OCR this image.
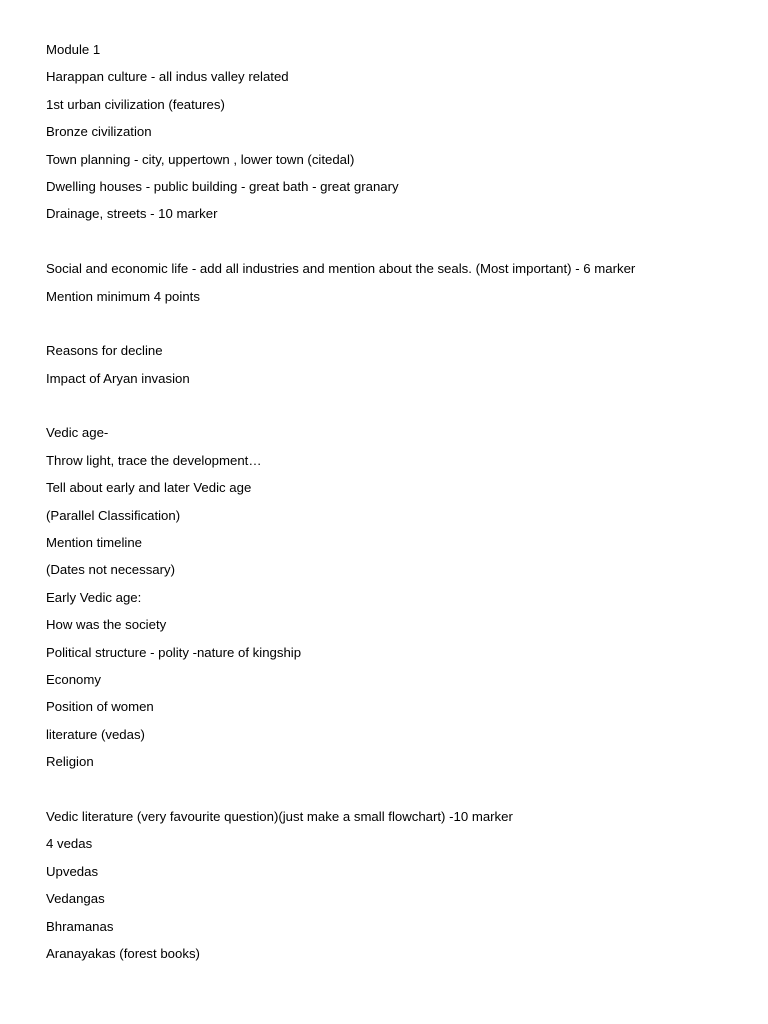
Module 1
Harappan culture - all indus valley related
1st urban civilization (features)
Bronze civilization
Town planning - city, uppertown , lower town (citedal)
Dwelling houses - public building - great bath - great granary
Drainage, streets - 10 marker
Social and economic life - add all industries and mention about the seals. (Most important) - 6 marker
Mention minimum 4 points
Reasons for decline
Impact of Aryan invasion
Vedic age-
Throw light, trace the development…
Tell about early and later Vedic age
(Parallel Classification)
Mention timeline
(Dates not necessary)
Early Vedic age:
How was the society
Political structure - polity -nature of kingship
Economy
Position of women
literature (vedas)
Religion
Vedic literature (very favourite question)(just make a small flowchart) -10 marker
4 vedas
Upvedas
Vedangas
Bhramanas
Aranayakas (forest books)
